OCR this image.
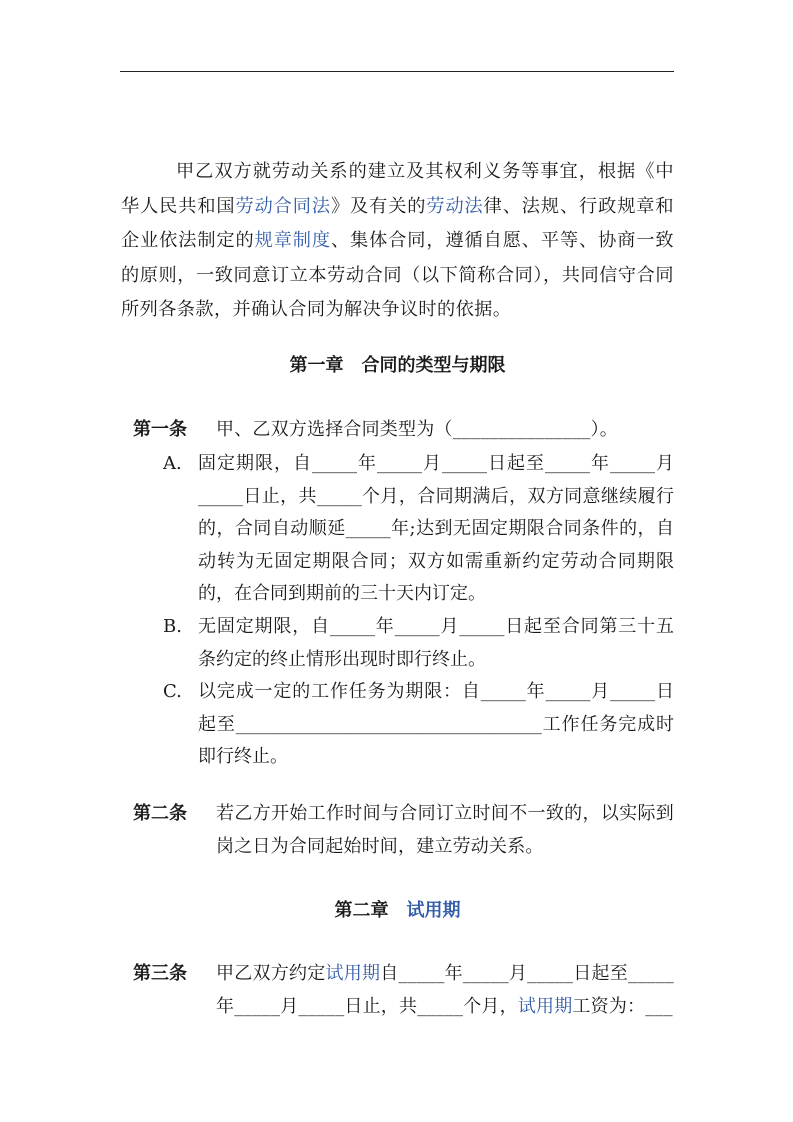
甲乙双方就劳动关系的建立及其权利义务等事宜，根据《中华人民共和国劳动合同法》及有关的劳动法律、法规、行政规章和企业依法制定的规章制度、集体合同，遵循自愿、平等、协商一致的原则，一致同意订立本劳动合同（以下简称合同），共同信守合同所列各条款，并确认合同为解决争议时的依据。

第一章 合同的类型与期限
第一条	甲、乙双方选择合同类型为（_______________）。

A. 固定期限，自_____年_____月_____日起至_____年_____月_____日止，共_____个月，合同期满后，双方同意继续履行的，合同自动顺延_____年;达到无固定期限合同条件的，自动转为无固定期限合同；双方如需重新约定劳动合同期限的，在合同到期前的三十天内订定。

B. 无固定期限，自_____年_____月_____日起至合同第三十五条约定的终止情形出现时即行终止。

C. 以完成一定的工作任务为期限：自_____年_____月_____日起至__________________________________工作任务完成时即行终止。

第二条	若乙方开始工作时间与合同订立时间不一致的，以实际到岗之日为合同起始时间，建立劳动关系。

第二章 试用期
第三条	甲乙双方约定试用期自_____年_____月_____日起至_____年_____月_____日止，共_____个月，试用期工资为：___
